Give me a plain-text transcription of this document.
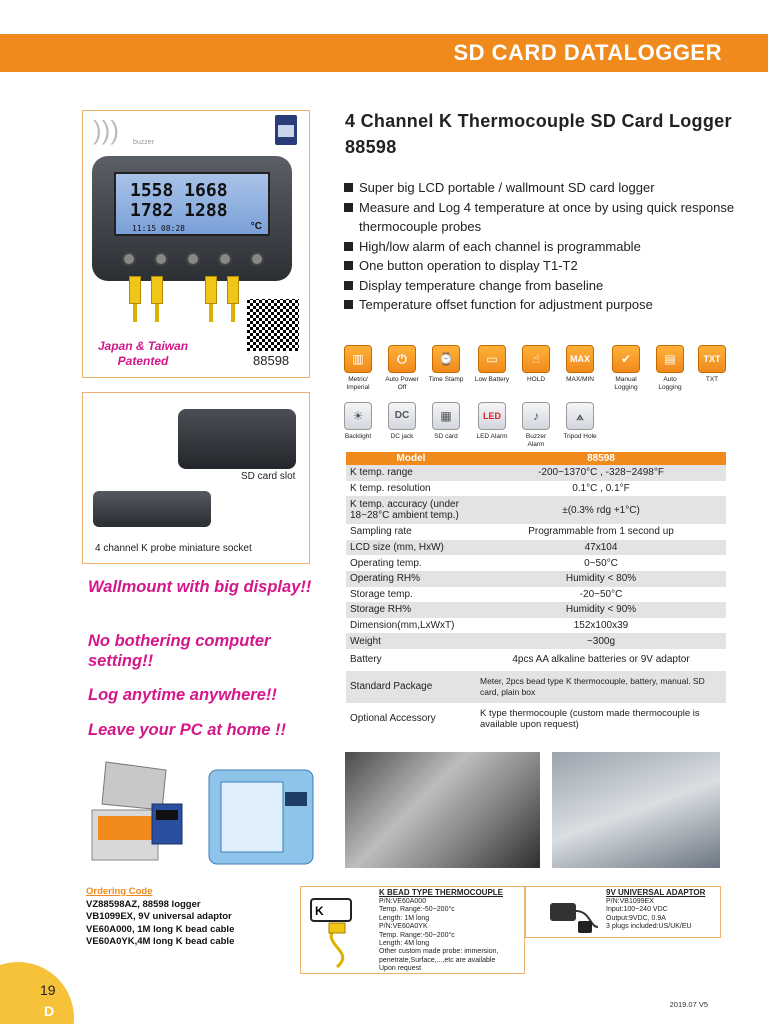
SD CARD DATALOGGER
))) buzzer
1558 1668
1782 1288
11:15 08:28	°C
Japan & Taiwan Patented	88598
SD card slot
4 channel K probe miniature socket
4 Channel K Thermocouple SD Card Logger 88598
Super big LCD portable / wallmount SD card logger
Measure and Log 4 temperature at once by using quick response thermocouple probes
High/low alarm of each channel is programmable
One button operation to display T1-T2
Display temperature change from baseline
Temperature offset function for adjustment purpose
▥
Metric/ Imperial
⏻
Auto Power Off
⌚
Time Stamp
▭
Low Battery
☝
HOLD
MAX
MAX/MIN
✔
Manual Logging
▤
Auto Logging
TXT
TXT
☀
Backlight
DC
DC jack
▦
SD card
LED
LED Alarm
♪
Buzzer Alarm
⟑
Tripod Hole
Model	88598
K temp. range	-200~1370°C , -328~2498°F
K temp. resolution	0.1°C , 0.1°F
K temp. accuracy (under 18~28°C ambient temp.)	±(0.3% rdg +1°C)
Sampling rate	Programmable from 1 second up
LCD size (mm, HxW)	47x104
Operating temp.	0~50°C
Operating RH%	Humidity < 80%
Storage temp.	-20~50°C
Storage RH%	Humidity < 90%
Dimension(mm,LxWxT)	152x100x39
Weight	~300g
Battery	4pcs AA alkaline batteries or 9V adaptor
Standard Package	Meter, 2pcs bead type K thermocouple, battery, manual. SD card, plain box
Optional Accessory	K type thermocouple (custom made thermocouple is available upon request)
Wallmount with big display!!
No bothering computer setting!!
Log anytime anywhere!!
Leave your PC at home !!
Ordering Code
VZ88598AZ, 88598 logger
VB1099EX, 9V universal adaptor
VE60A000, 1M long K bead cable
VE60A0YK,4M long K bead cable
K
K BEAD TYPE THERMOCOUPLE
P/N:VE60A000
Temp. Range:-50~200°c
Length: 1M long
P/N:VE60A0YK
Temp. Range:-50~200°c
Length: 4M long
Other custom made probe: immersion,
penetrate,Surface,...,etc are available
Upon request
9V UNIVERSAL ADAPTOR
P/N:VB1099EX
Input:100~240 VDC
Output:9VDC, 0.9A
3 plugs included:US/UK/EU
19
D	2019.07 V5
